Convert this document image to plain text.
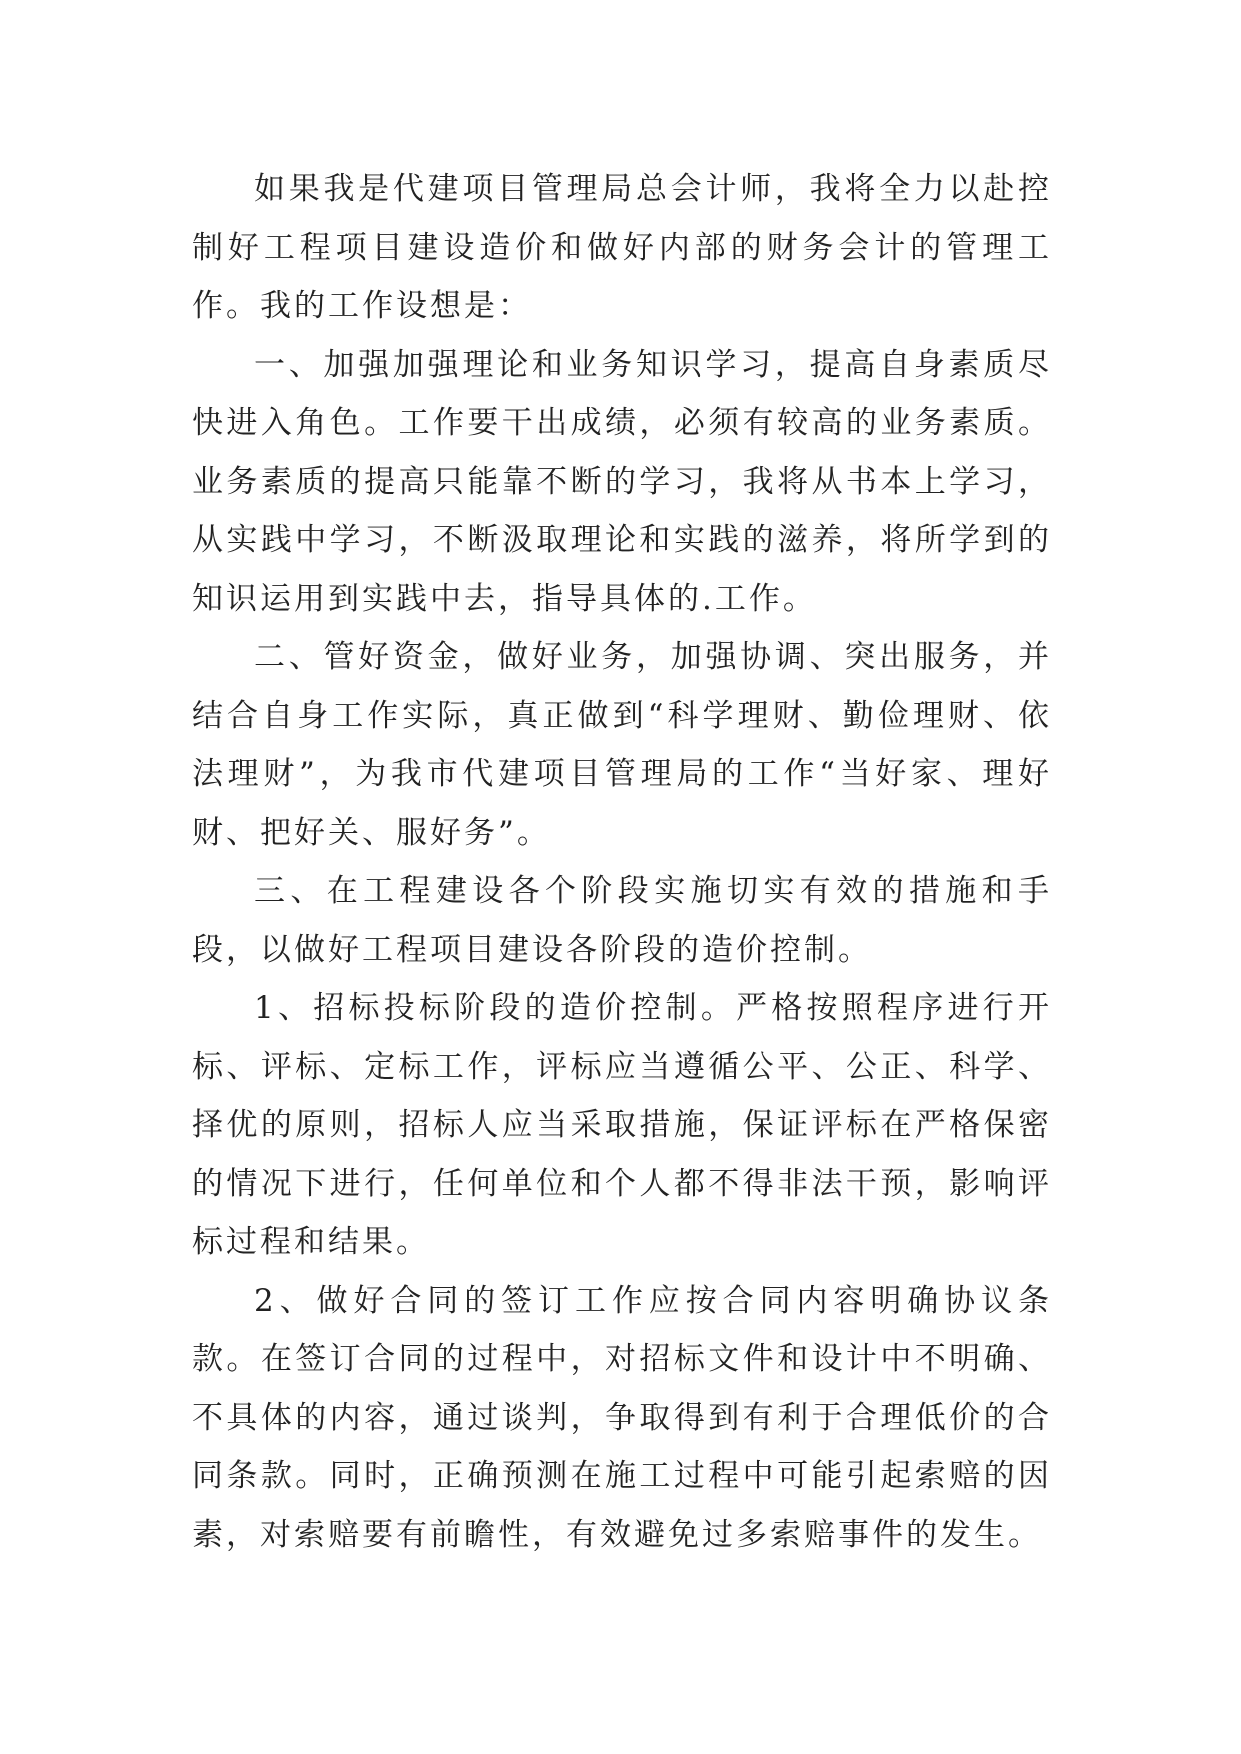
如果我是代建项目管理局总会计师，我将全力以赴控制好工程项目建设造价和做好内部的财务会计的管理工作。我的工作设想是：

一、加强加强理论和业务知识学习，提高自身素质尽快进入角色。工作要干出成绩，必须有较高的业务素质。业务素质的提高只能靠不断的学习，我将从书本上学习，从实践中学习，不断汲取理论和实践的滋养，将所学到的知识运用到实践中去，指导具体的.工作。

二、管好资金，做好业务，加强协调、突出服务，并结合自身工作实际，真正做到“科学理财、勤俭理财、依法理财”，为我市代建项目管理局的工作“当好家、理好财、把好关、服好务”。

三、在工程建设各个阶段实施切实有效的措施和手段，以做好工程项目建设各阶段的造价控制。

1、招标投标阶段的造价控制。严格按照程序进行开标、评标、定标工作，评标应当遵循公平、公正、科学、择优的原则，招标人应当采取措施，保证评标在严格保密的情况下进行，任何单位和个人都不得非法干预，影响评标过程和结果。

2、做好合同的签订工作应按合同内容明确协议条款。在签订合同的过程中，对招标文件和设计中不明确、不具体的内容，通过谈判，争取得到有利于合理低价的合同条款。同时，正确预测在施工过程中可能引起索赔的因素，对索赔要有前瞻性，有效避免过多索赔事件的发生。
